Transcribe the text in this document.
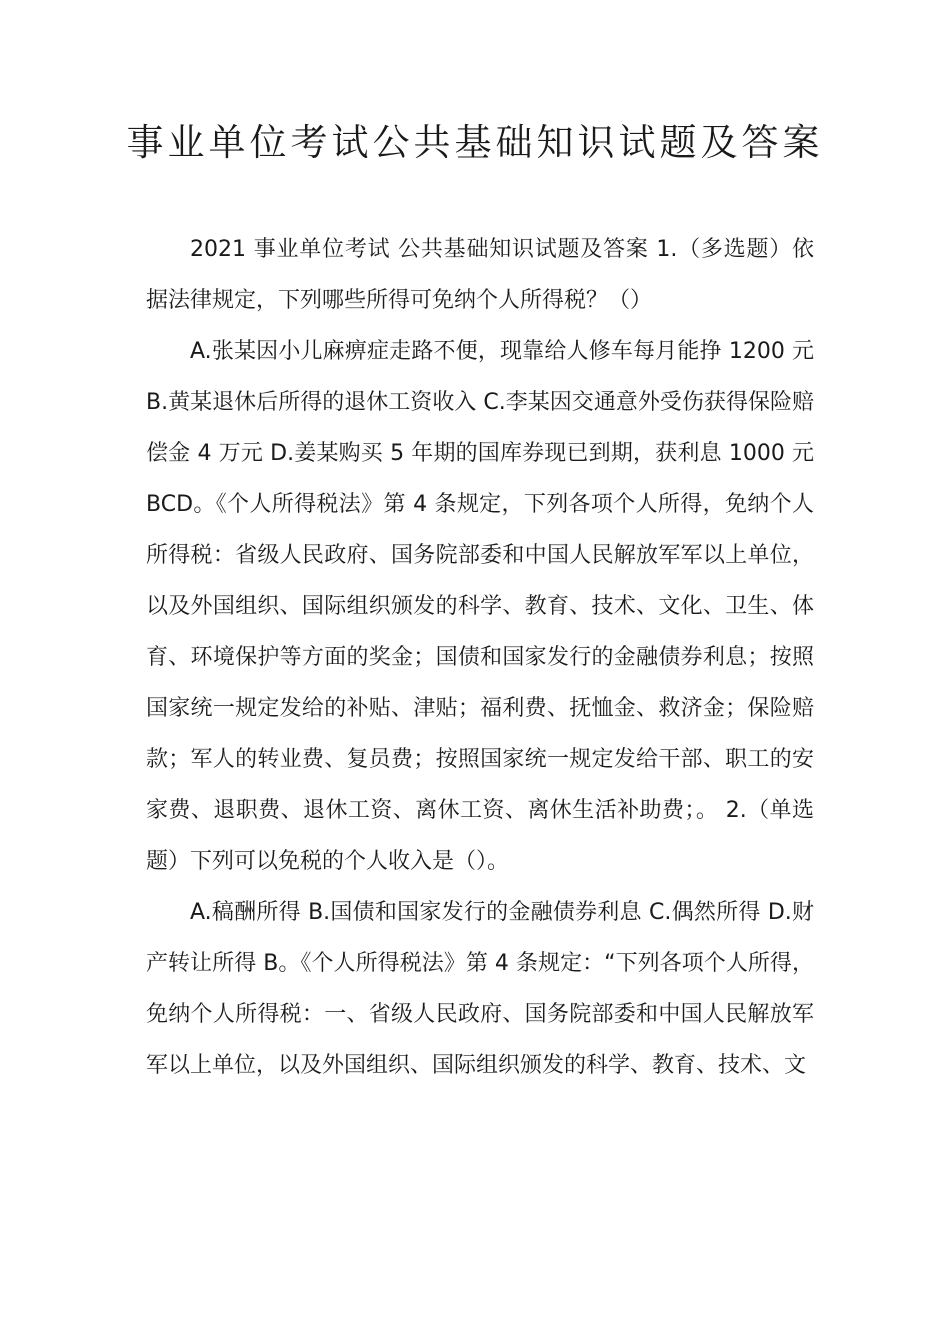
事业单位考试公共基础知识试题及答案

2021 事业单位考试 公共基础知识试题及答案 1.（多选题）依据法律规定，下列哪些所得可免纳个人所得税？（）

A.张某因小儿麻痹症走路不便，现靠给人修车每月能挣 1200 元 B.黄某退休后所得的退休工资收入 C.李某因交通意外受伤获得保险赔偿金 4 万元 D.姜某购买 5 年期的国库券现已到期，获利息 1000 元 BCD。《个人所得税法》第 4 条规定，下列各项个人所得，免纳个人所得税：省级人民政府、国务院部委和中国人民解放军军以上单位，以及外国组织、国际组织颁发的科学、教育、技术、文化、卫生、体育、环境保护等方面的奖金；国债和国家发行的金融债券利息；按照国家统一规定发给的补贴、津贴；福利费、抚恤金、救济金；保险赔款；军人的转业费、复员费；按照国家统一规定发给干部、职工的安家费、退职费、退休工资、离休工资、离休生活补助费；。 2.（单选题）下列可以免税的个人收入是（）。

A.稿酬所得 B.国债和国家发行的金融债券利息 C.偶然所得 D.财产转让所得 B。《个人所得税法》第 4 条规定：“下列各项个人所得，免纳个人所得税：一、省级人民政府、国务院部委和中国人民解放军军以上单位，以及外国组织、国际组织颁发的科学、教育、技术、文
